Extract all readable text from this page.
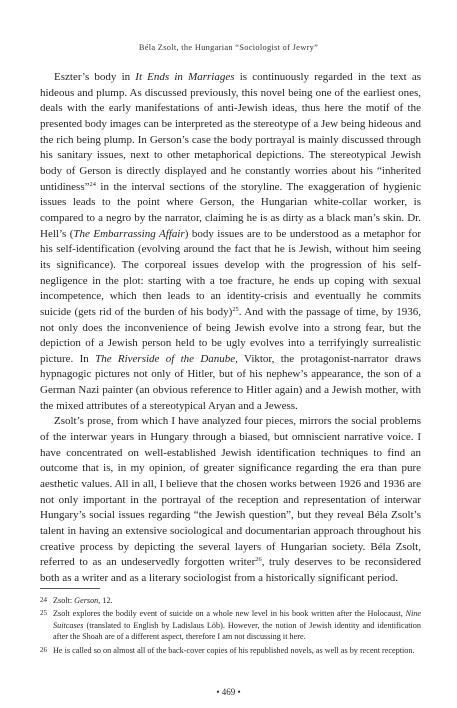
Béla Zsolt, the Hungarian “Sociologist of Jewry”

Eszter’s body in It Ends in Marriages is continuously regarded in the text as hideous and plump. As discussed previously, this novel being one of the earliest ones, deals with the early manifestations of anti-Jewish ideas, thus here the motif of the presented body images can be interpreted as the stereotype of a Jew being hideous and the rich being plump. In Gerson’s case the body portrayal is mainly discussed through his sanitary issues, next to other metaphorical depictions. The stereotypical Jewish body of Gerson is directly displayed and he constantly worries about his “inherited untidiness”$^{24}$ in the interval sections of the storyline. The exaggeration of hygienic issues leads to the point where Gerson, the Hungarian white-collar worker, is compared to a negro by the narrator, claiming he is as dirty as a black man’s skin. Dr. Hell’s (The Embarrassing Affair) body issues are to be understood as a metaphor for his self-identification (evolving around the fact that he is Jewish, without him seeing its significance). The corporeal issues develop with the progression of his self-negligence in the plot: starting with a toe fracture, he ends up coping with sexual incompetence, which then leads to an identity-crisis and eventually he commits suicide (gets rid of the burden of his body)$^{25}$. And with the passage of time, by 1936, not only does the inconvenience of being Jewish evolve into a strong fear, but the depiction of a Jewish person held to be ugly evolves into a terrifyingly surrealistic picture. In The Riverside of the Danube, Viktor, the protagonist-narrator draws hypnagogic pictures not only of Hitler, but of his nephew’s appearance, the son of a German Nazi painter (an obvious reference to Hitler again) and a Jewish mother, with the mixed attributes of a stereotypical Aryan and a Jewess.

Zsolt’s prose, from which I have analyzed four pieces, mirrors the social problems of the interwar years in Hungary through a biased, but omniscient narrative voice. I have concentrated on well-established Jewish identification techniques to find an outcome that is, in my opinion, of greater significance regarding the era than pure aesthetic values. All in all, I believe that the chosen works between 1926 and 1936 are not only important in the portrayal of the reception and representation of interwar Hungary’s social issues regarding “the Jewish question”, but they reveal Béla Zsolt’s talent in having an extensive sociological and documentarian approach throughout his creative process by depicting the several layers of Hungarian society. Béla Zsolt, referred to as an undeservedly forgotten writer$^{26}$, truly deserves to be reconsidered both as a writer and as a literary sociologist from a historically significant period.

24 Zsolt: Gerson, 12.
25 Zsolt explores the bodily event of suicide on a whole new level in his book written after the Holocaust, Nine Suitcases (translated to English by Ladislaus Löb). However, the notion of Jewish identity and identification after the Shoah are of a different aspect, therefore I am not discussing it here.
26 He is called so on almost all of the back-cover copies of his republished novels, as well as by recent reception.
• 469 •
